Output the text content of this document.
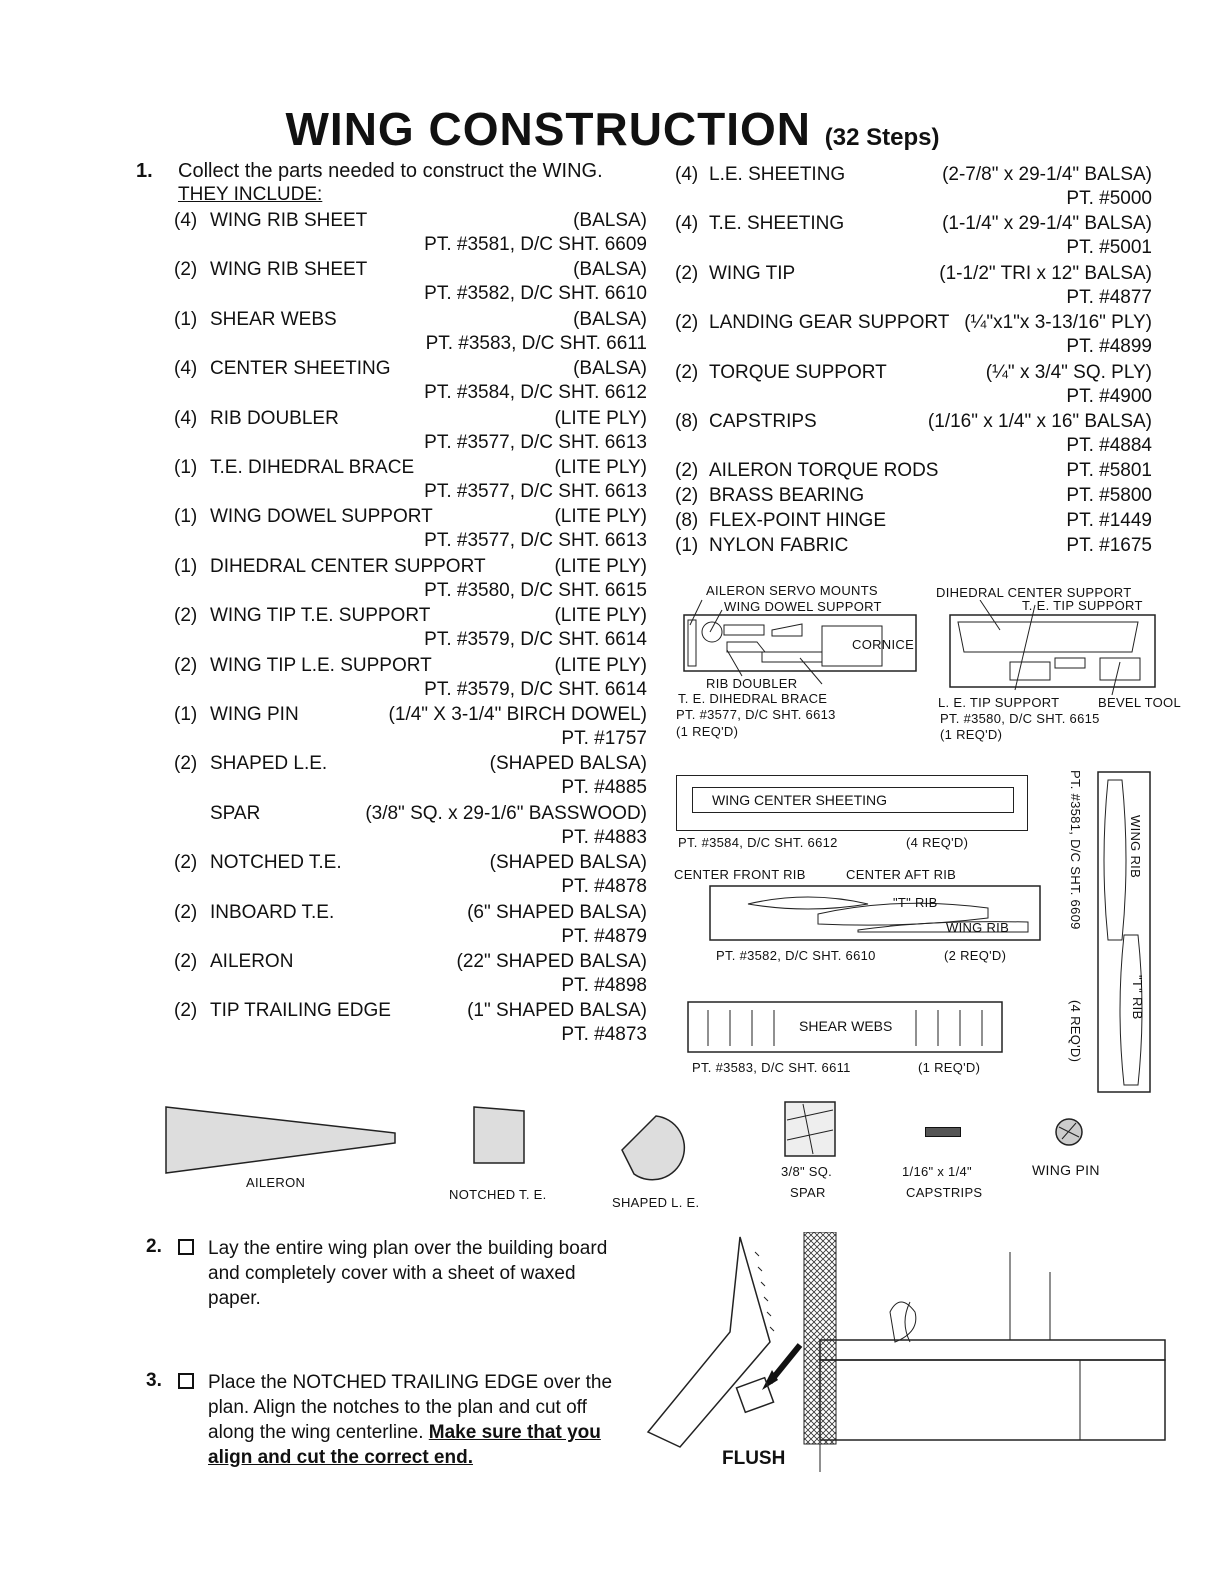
WING CONSTRUCTION (32 Steps)
1. Collect the parts needed to construct the WING.
THEY INCLUDE:
(4) WING RIB SHEET	(BALSA)
PT. #3581, D/C SHT. 6609
(2) WING RIB SHEET	(BALSA)
PT. #3582, D/C SHT. 6610
(1) SHEAR WEBS	(BALSA)
PT. #3583, D/C SHT. 6611
(4) CENTER SHEETING	(BALSA)
PT. #3584, D/C SHT. 6612
(4) RIB DOUBLER	(LITE PLY)
PT. #3577, D/C SHT. 6613
(1) T.E. DIHEDRAL BRACE	(LITE PLY)
PT. #3577, D/C SHT. 6613
(1) WING DOWEL SUPPORT	(LITE PLY)
PT. #3577, D/C SHT. 6613
(1) DIHEDRAL CENTER SUPPORT	(LITE PLY)
PT. #3580, D/C SHT. 6615
(2) WING TIP T.E. SUPPORT	(LITE PLY)
PT. #3579, D/C SHT. 6614
(2) WING TIP L.E. SUPPORT	(LITE PLY)
PT. #3579, D/C SHT. 6614
(1) WING PIN	(1/4" X 3-1/4" BIRCH DOWEL)
PT. #1757
(2) SHAPED L.E.	(SHAPED BALSA)
PT. #4885
SPAR	(3/8" SQ. x 29-1/6" BASSWOOD)
PT. #4883
(2) NOTCHED T.E.	(SHAPED BALSA)
PT. #4878
(2) INBOARD T.E.	(6" SHAPED BALSA)
PT. #4879
(2) AILERON	(22" SHAPED BALSA)
PT. #4898
(2) TIP TRAILING EDGE	(1" SHAPED BALSA)
PT. #4873
(4) L.E. SHEETING	(2-7/8" x 29-1/4" BALSA)
PT. #5000
(4) T.E. SHEETING	(1-1/4" x 29-1/4" BALSA)
PT. #5001
(2) WING TIP	(1-1/2" TRI x 12" BALSA)
PT. #4877
(2) LANDING GEAR SUPPORT (¼"x1"x 3-13/16" PLY)
PT. #4899
(2) TORQUE SUPPORT	(¼" x 3/4" SQ. PLY)
PT. #4900
(8) CAPSTRIPS	(1/16" x 1/4" x 16" BALSA)
PT. #4884
(2) AILERON TORQUE RODS	PT. #5801
(2) BRASS BEARING	PT. #5800
(8) FLEX-POINT HINGE	PT. #1449
(1) NYLON FABRIC	PT. #1675
AILERON SERVO MOUNTS
WING DOWEL SUPPORT
CORNICE
RIB DOUBLER
T. E. DIHEDRAL BRACE
PT. #3577, D/C SHT. 6613
(1 REQ'D)
DIHEDRAL CENTER SUPPORT
T. E. TIP SUPPORT
L. E. TIP SUPPORT	BEVEL TOOL
PT. #3580, D/C SHT. 6615
(1 REQ'D)
WING CENTER SHEETING
PT. #3584, D/C SHT. 6612	(4 REQ'D)
CENTER FRONT RIB	CENTER AFT RIB
"T" RIB
WING RIB
PT. #3582, D/C SHT. 6610	(2 REQ'D)
SHEAR WEBS
PT. #3583, D/C SHT. 6611	(1 REQ'D)
PT. #3581, D/C SHT. 6609
(4 REQ'D)
WING RIB
"T" RIB
AILERON
NOTCHED T. E.
SHAPED L. E.
3/8" SQ.
SPAR
1/16" x 1/4"
CAPSTRIPS
WING PIN
2. Lay the entire wing plan over the building board
and completely cover with a sheet of waxed
paper.
3. Place the NOTCHED TRAILING EDGE over the
plan. Align the notches to the plan and cut off
along the wing centerline. Make sure that you
align and cut the correct end.	FLUSH
